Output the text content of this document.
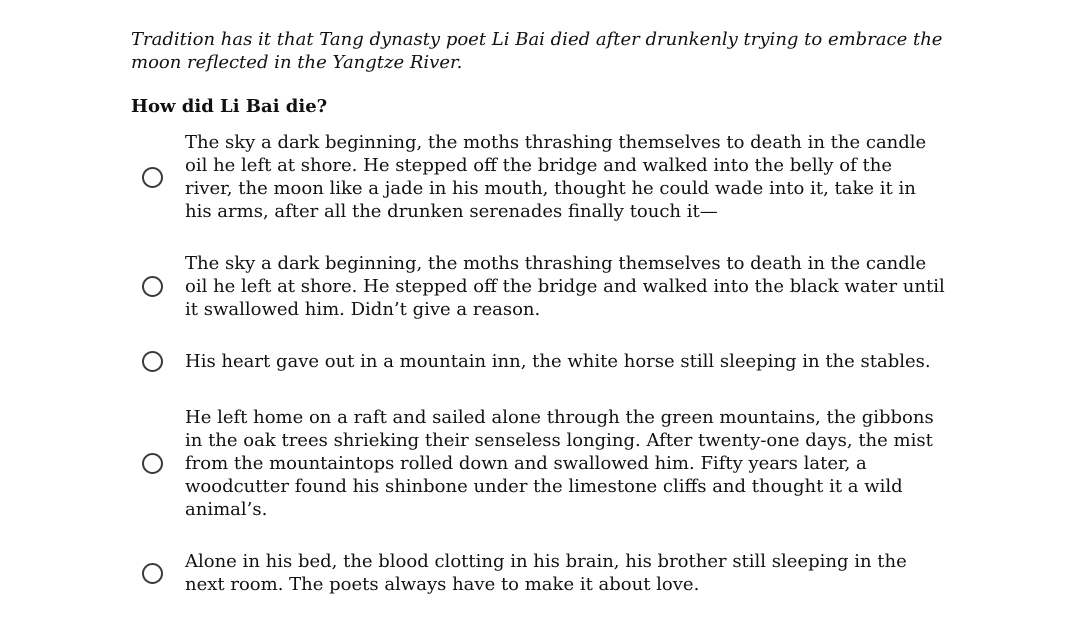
Tradition has it that Tang dynasty poet Li Bai died after drunkenly trying to embrace the moon reflected in the Yangtze River.

How did Li Bai die?

The sky a dark beginning, the moths thrashing themselves to death in the candle oil he left at shore. He stepped off the bridge and walked into the belly of the river, the moon like a jade in his mouth, thought he could wade into it, take it in his arms, after all the drunken serenades finally touch it—
The sky a dark beginning, the moths thrashing themselves to death in the candle oil he left at shore. He stepped off the bridge and walked into the black water until it swallowed him. Didn’t give a reason.
His heart gave out in a mountain inn, the white horse still sleeping in the stables.
He left home on a raft and sailed alone through the green mountains, the gibbons in the oak trees shrieking their senseless longing. After twenty-one days, the mist from the mountaintops rolled down and swallowed him. Fifty years later, a woodcutter found his shinbone under the limestone cliffs and thought it a wild animal’s.
Alone in his bed, the blood clotting in his brain, his brother still sleeping in the next room. The poets always have to make it about love.
